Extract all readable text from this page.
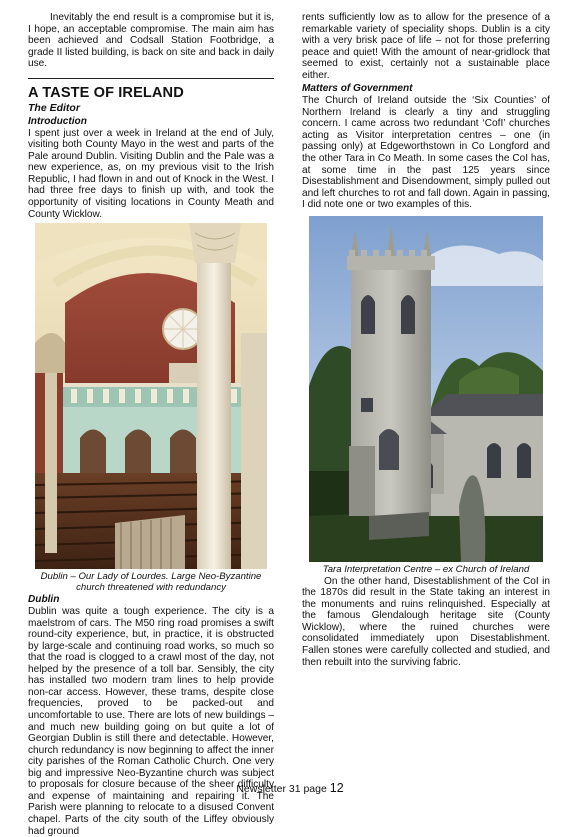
Inevitably the end result is a compromise but it is, I hope, an acceptable compromise. The main aim has been achieved and Codsall Station Footbridge, a grade II listed building, is back on site and back in daily use.

A TASTE OF IRELAND
The Editor
Introduction

I spent just over a week in Ireland at the end of July, visiting both County Mayo in the west and parts of the Pale around Dublin. Visiting Dublin and the Pale was a new experience, as, on my previous visit to the Irish Republic, I had flown in and out of Knock in the West. I had three free days to finish up with, and took the opportunity of visiting locations in County Meath and County Wicklow.

Dublin – Our Lady of Lourdes. Large Neo-Byzantine church threatened with redundancy
Dublin

Dublin was quite a tough experience. The city is a maelstrom of cars. The M50 ring road promises a swift round-city experience, but, in practice, it is obstructed by large-scale and continuing road works, so much so that the road is clogged to a crawl most of the day, not helped by the presence of a toll bar. Sensibly, the city has installed two modern tram lines to help provide non-car access. However, these trams, despite close frequencies, proved to be packed-out and uncomfortable to use. There are lots of new buildings – and much new building going on but quite a lot of Georgian Dublin is still there and detectable. However, church redundancy is now beginning to affect the inner city parishes of the Roman Catholic Church. One very big and impressive Neo-Byzantine church was subject to proposals for closure because of the sheer difficulty and expense of maintaining and repairing it. The Parish were planning to relocate to a disused Convent chapel. Parts of the city south of the Liffey obviously had ground

rents sufficiently low as to allow for the presence of a remarkable variety of speciality shops. Dublin is a city with a very brisk pace of life – not for those preferring peace and quiet! With the amount of near-gridlock that seemed to exist, certainly not a sustainable place either.

Matters of Government

The Church of Ireland outside the ‘Six Counties’ of Northern Ireland is clearly a tiny and struggling concern. I came across two redundant ‘CofI’ churches acting as Visitor interpretation centres – one (in passing only) at Edgeworthstown in Co Longford and the other Tara in Co Meath. In some cases the CoI has, at some time in the past 125 years since Disestablishment and Disendowment, simply pulled out and left churches to rot and fall down. Again in passing, I did note one or two examples of this.

Tara Interpretation Centre – ex Church of Ireland

On the other hand, Disestablishment of the CoI in the 1870s did result in the State taking an interest in the monuments and ruins relinquished. Especially at the famous Glendalough heritage site (County Wicklow), where the ruined churches were consolidated immediately upon Disestablishment. Fallen stones were carefully collected and studied, and then rebuilt into the surviving fabric.

Newsletter 31 page 12
